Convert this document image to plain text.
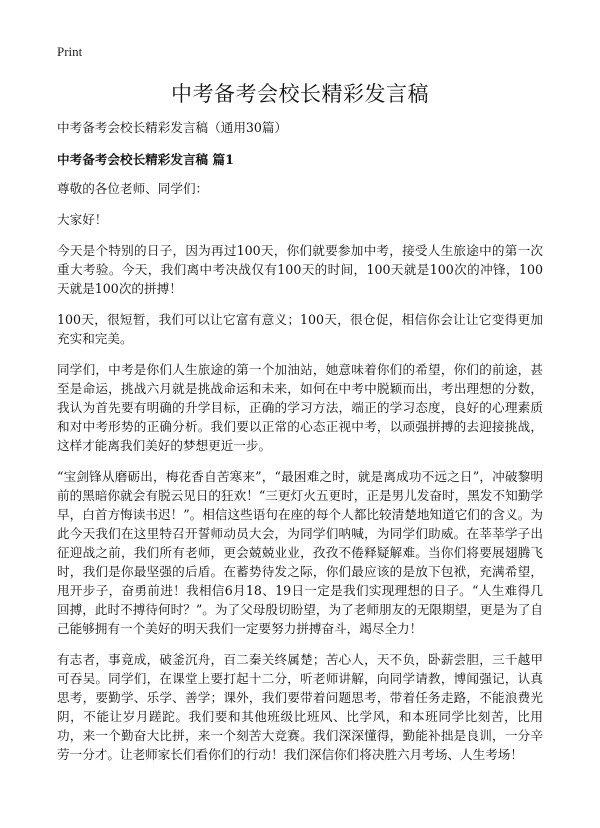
Print
中考备考会校长精彩发言稿

中考备考会校长精彩发言稿（通用30篇）

中考备考会校长精彩发言稿 篇1

尊敬的各位老师、同学们：

大家好！

今天是个特别的日子，因为再过100天，你们就要参加中考，接受人生旅途中的第一次重大考验。今天，我们离中考决战仅有100天的时间，100天就是100次的冲锋，100天就是100次的拼搏！

100天，很短暂，我们可以让它富有意义；100天，很仓促，相信你会让让它变得更加充实和完美。

同学们，中考是你们人生旅途的第一个加油站，她意味着你们的希望，你们的前途，甚至是命运，挑战六月就是挑战命运和未来，如何在中考中脱颖而出，考出理想的分数，我认为首先要有明确的升学目标，正确的学习方法，端正的学习态度，良好的心理素质和对中考形势的正确分析。我们要以正常的心态正视中考，以顽强拼搏的去迎接挑战，这样才能离我们美好的梦想更近一步。

“宝剑锋从磨砺出，梅花香自苦寒来”，“最困难之时，就是离成功不远之日”，冲破黎明前的黑暗你就会有脱云见日的狂欢！“三更灯火五更时，正是男儿发奋时，黑发不知勤学早，白首方悔读书迟！”。相信这些语句在座的每个人都比较清楚地知道它们的含义。为此今天我们在这里特召开誓师动员大会，为同学们呐喊，为同学们助威。在莘莘学子出征迎战之前，我们所有老师，更会兢兢业业，孜孜不倦释疑解难。当你们将要展翅腾飞时，我们是你最坚强的后盾。在蓄势待发之际，你们最应该的是放下包袱，充满希望，甩开步子，奋勇前进！我相信6月18、19日一定是我们实现理想的日子。“人生难得几回搏，此时不搏待何时？”。为了父母殷切盼望，为了老师朋友的无限期望，更是为了自己能够拥有一个美好的明天我们一定要努力拼搏奋斗，竭尽全力！

有志者，事竟成，破釜沉舟，百二秦关终属楚；苦心人，天不负，卧薪尝胆，三千越甲可吞吴。同学们，在课堂上要打起十二分，听老师讲解，向同学请教，博闻强记，认真思考，要勤学、乐学、善学；课外，我们要带着问题思考，带着任务走路，不能浪费光阴，不能让岁月蹉跎。我们要和其他班级比班风、比学风，和本班同学比刻苦，比用功，来一个勤奋大比拼，来一个刻苦大竞赛。我们深深懂得，勤能补拙是良训，一分辛劳一分才。让老师家长们看你们的行动！我们深信你们将决胜六月考场、人生考场！
